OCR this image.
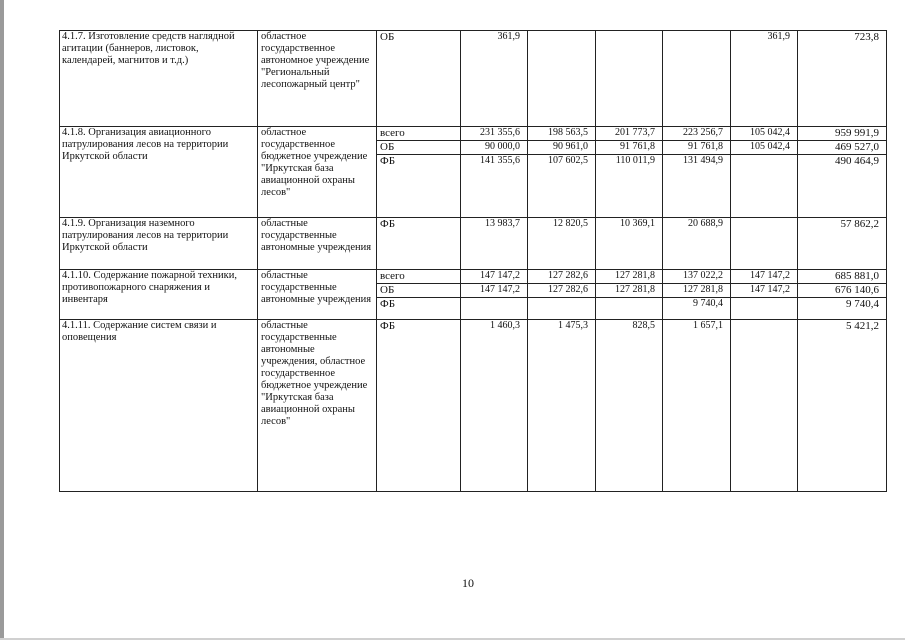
4.1.7. Изготовление средств наглядной агитации (баннеров, листовок, календарей, магнитов и т.д.)	областное государственное автономное учреждение "Региональный лесопожарный центр"	ОБ	361,9				361,9	723,8
4.1.8. Организация авиационного патрулирования лесов на территории Иркутской области	областное государственное бюджетное учреждение "Иркутская база авиационной охраны лесов"	всего	231 355,6	198 563,5	201 773,7	223 256,7	105 042,4	959 991,9
		ОБ	90 000,0	90 961,0	91 761,8	91 761,8	105 042,4	469 527,0
		ФБ	141 355,6	107 602,5	110 011,9	131 494,9		490 464,9
4.1.9. Организация наземного патрулирования лесов на территории Иркутской области	областные государственные автономные учреждения	ФБ	13 983,7	12 820,5	10 369,1	20 688,9		57 862,2
4.1.10. Содержание пожарной техники, противопожарного снаряжения и инвентаря	областные государственные автономные учреждения	всего	147 147,2	127 282,6	127 281,8	137 022,2	147 147,2	685 881,0
		ОБ	147 147,2	127 282,6	127 281,8	127 281,8	147 147,2	676 140,6
		ФБ				9 740,4		9 740,4
4.1.11. Содержание систем связи и оповещения	областные государственные автономные учреждения, областное государственное бюджетное учреждение "Иркутская база авиационной охраны лесов"	ФБ	1 460,3	1 475,3	828,5	1 657,1		5 421,2
10
